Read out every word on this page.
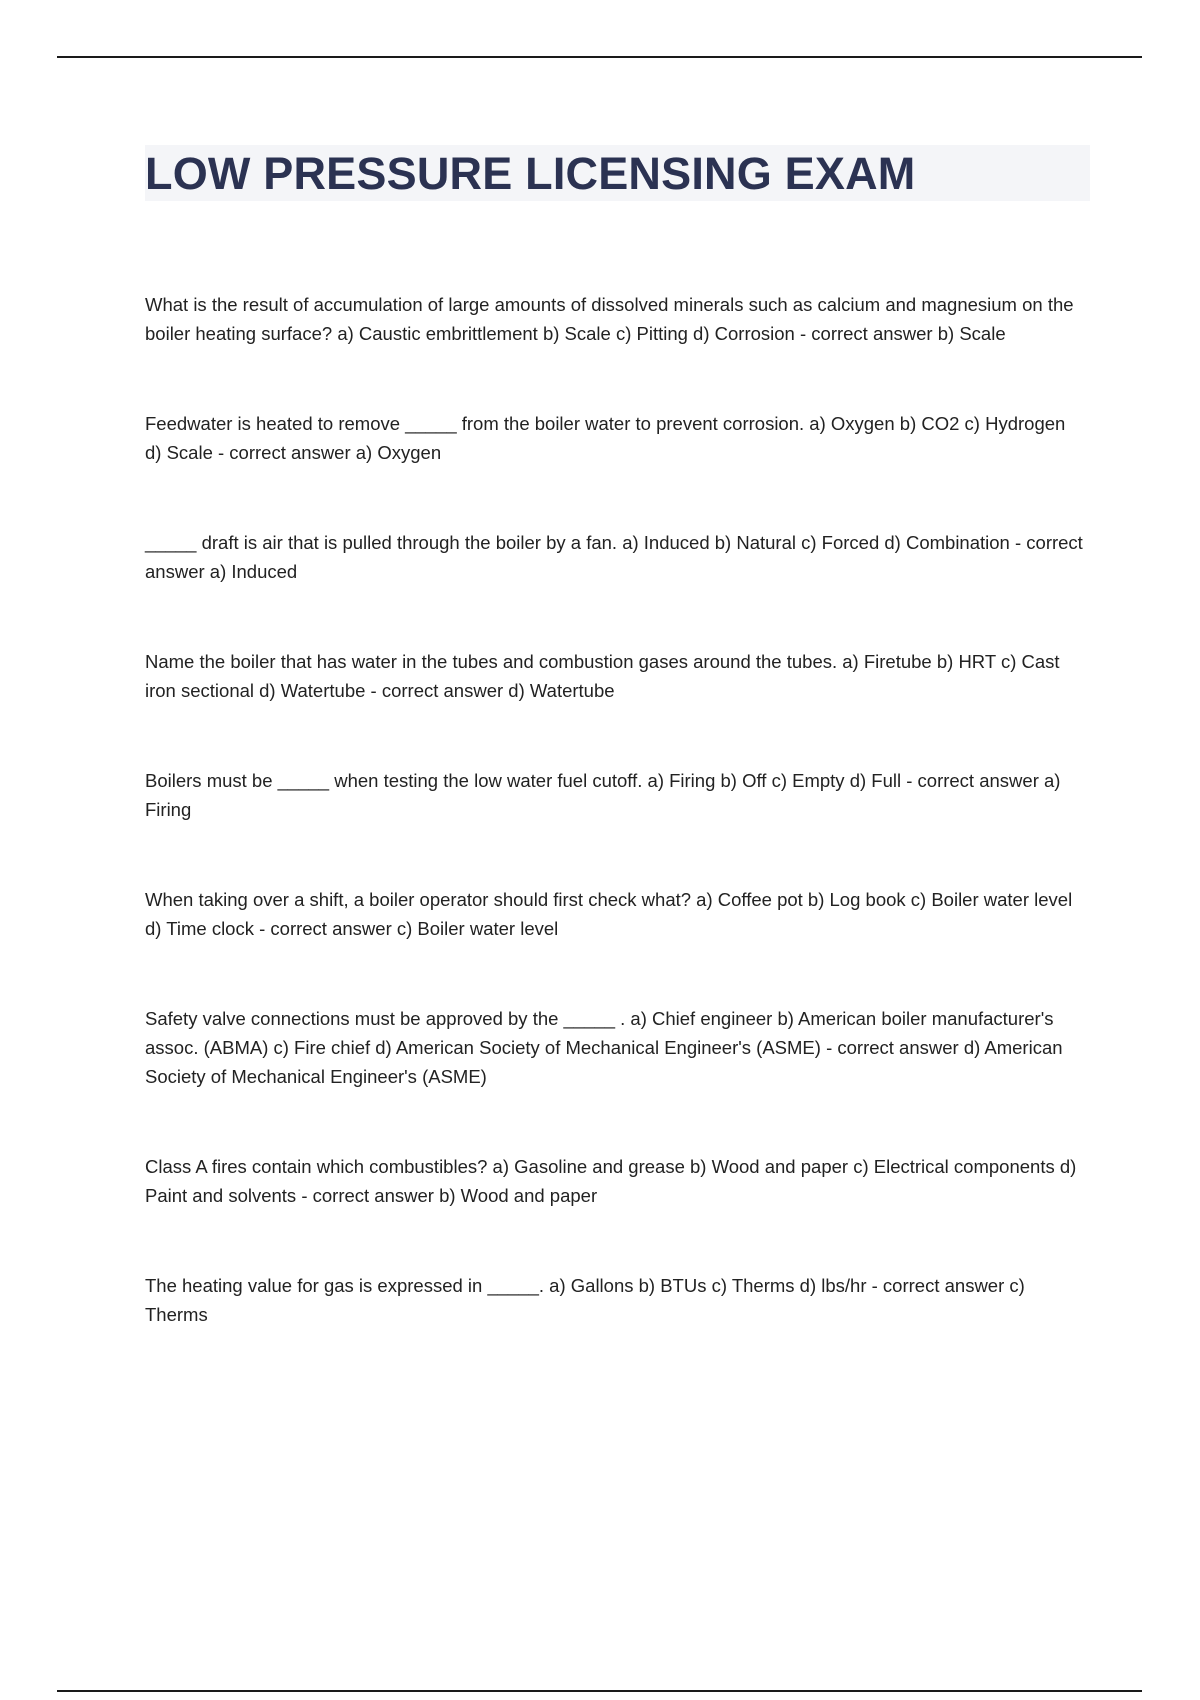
LOW PRESSURE LICENSING EXAM

What is the result of accumulation of large amounts of dissolved minerals such as calcium and magnesium on the boiler heating surface? a) Caustic embrittlement b) Scale c) Pitting d) Corrosion - correct answer b) Scale

Feedwater is heated to remove _____ from the boiler water to prevent corrosion. a) Oxygen b) CO2 c) Hydrogen d) Scale - correct answer a) Oxygen

_____ draft is air that is pulled through the boiler by a fan. a) Induced b) Natural c) Forced d) Combination - correct answer a) Induced

Name the boiler that has water in the tubes and combustion gases around the tubes. a) Firetube b) HRT c) Cast iron sectional d) Watertube - correct answer d) Watertube

Boilers must be _____ when testing the low water fuel cutoff. a) Firing b) Off c) Empty d) Full - correct answer a) Firing

When taking over a shift, a boiler operator should first check what? a) Coffee pot b) Log book c) Boiler water level d) Time clock - correct answer c) Boiler water level

Safety valve connections must be approved by the _____ . a) Chief engineer b) American boiler manufacturer's assoc. (ABMA) c) Fire chief d) American Society of Mechanical Engineer's (ASME) - correct answer d) American Society of Mechanical Engineer's (ASME)

Class A fires contain which combustibles? a) Gasoline and grease b) Wood and paper c) Electrical components d) Paint and solvents - correct answer b) Wood and paper

The heating value for gas is expressed in _____. a) Gallons b) BTUs c) Therms d) lbs/hr - correct answer c) Therms
